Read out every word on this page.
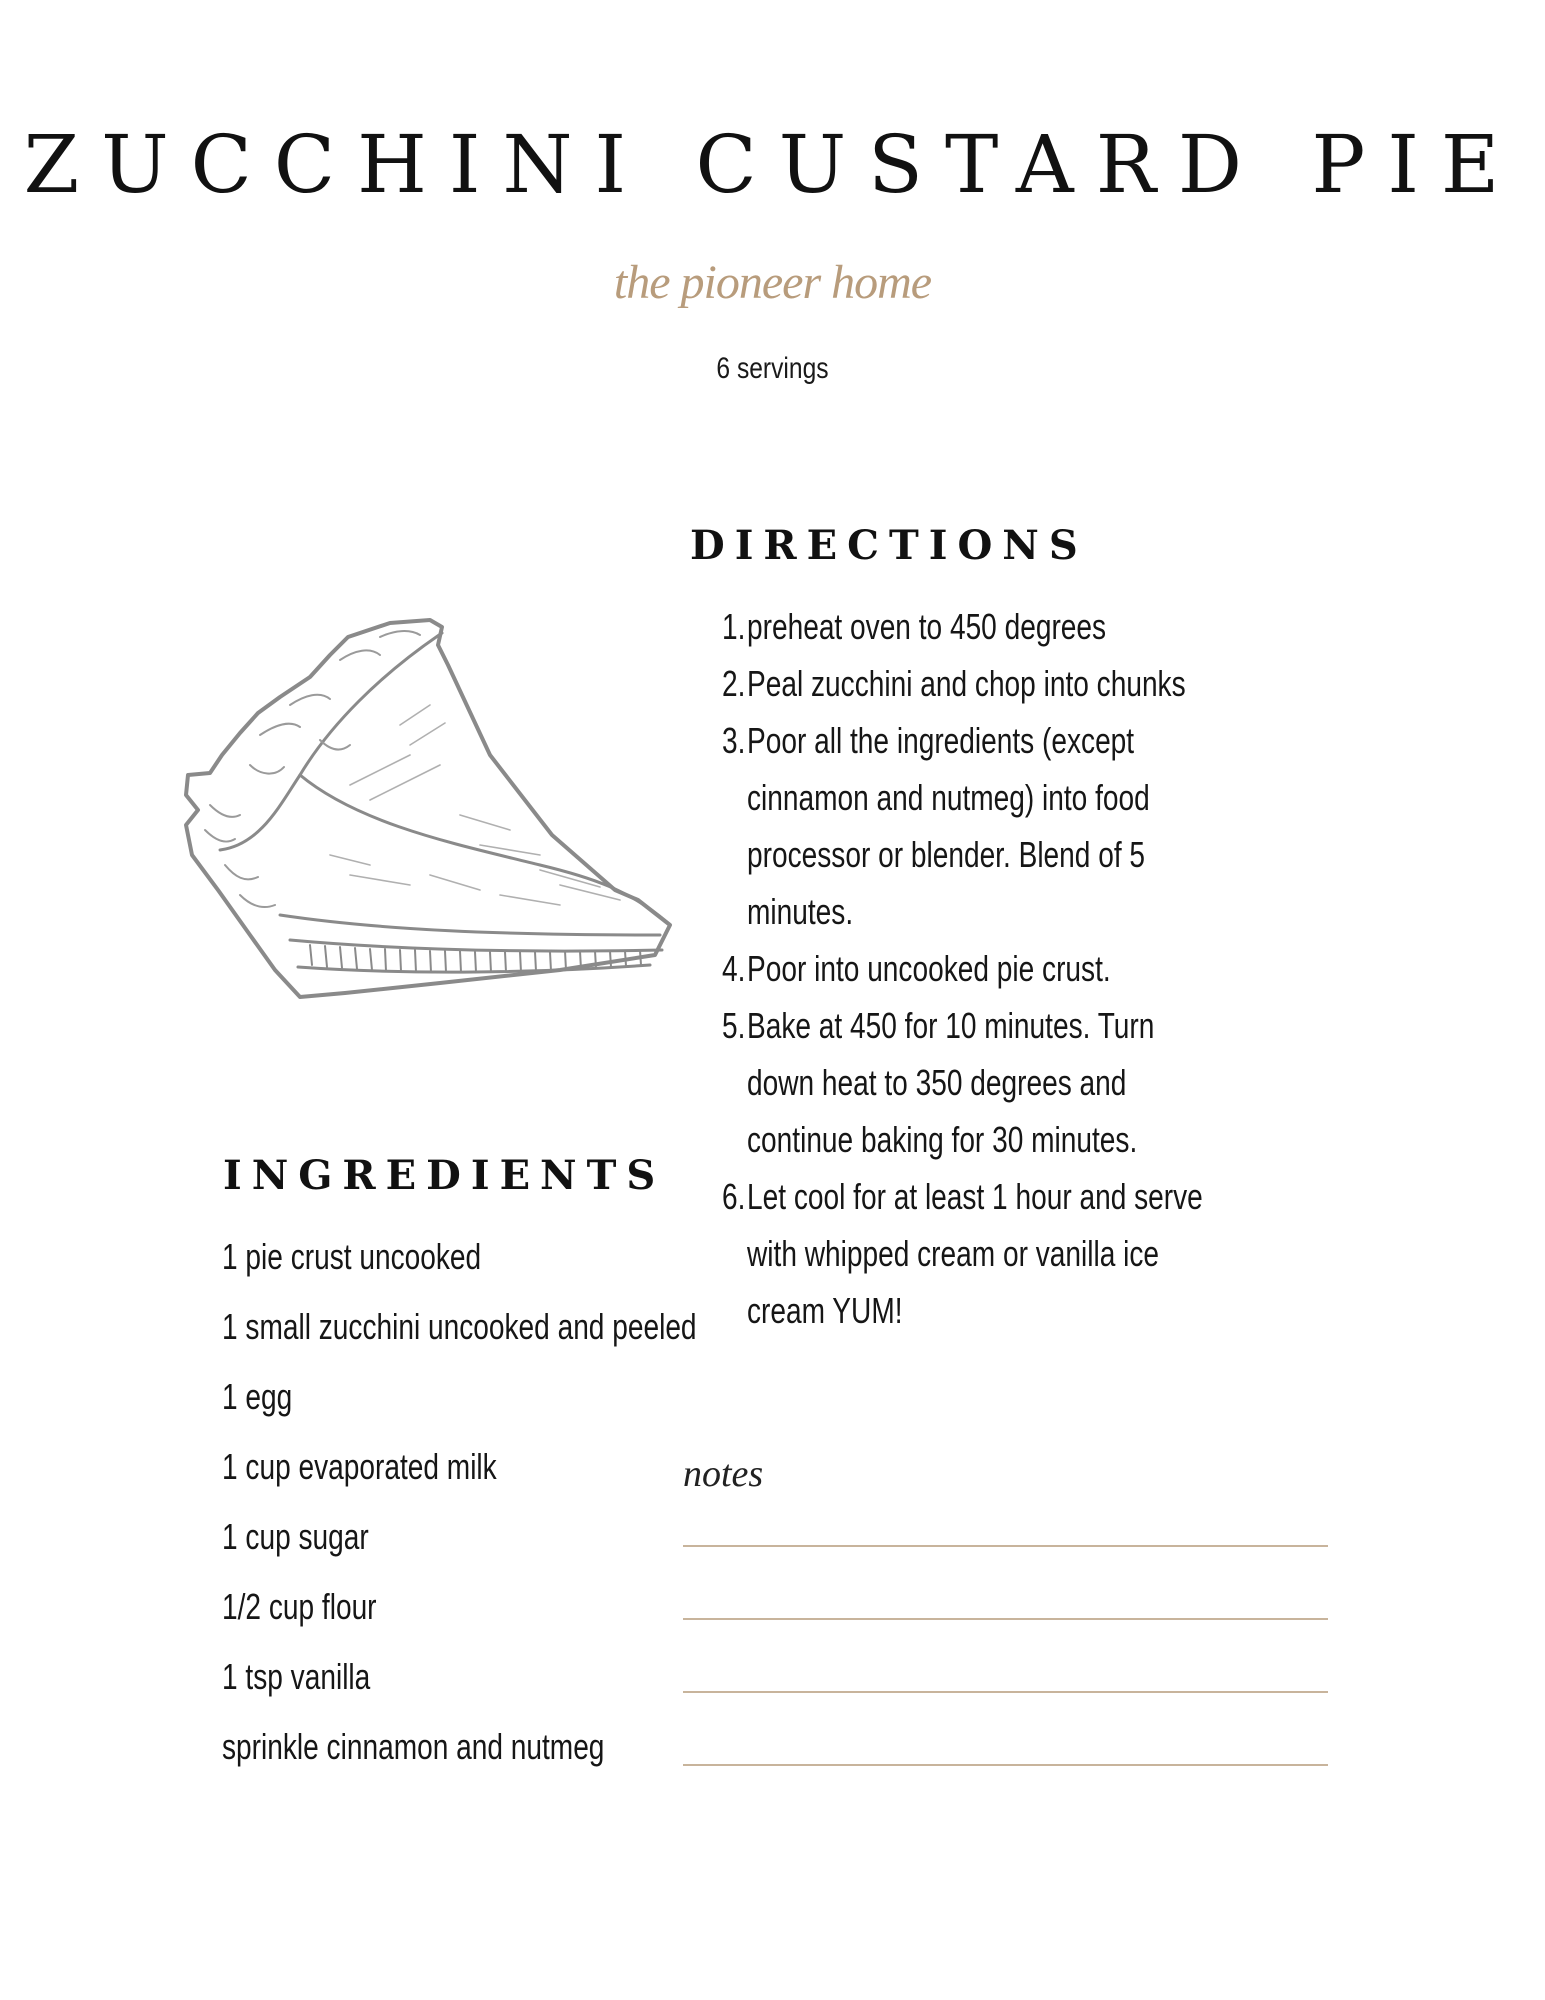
ZUCCHINI CUSTARD PIE
the pioneer home
6 servings
DIRECTIONS
1. preheat oven to 450 degrees
2. Peal zucchini and chop into chunks
3. Poor all the ingredients (except cinnamon and nutmeg) into food processor or blender. Blend of 5 minutes.
4. Poor into uncooked pie crust.
5. Bake at 450 for 10 minutes. Turn down heat to 350 degrees and continue baking for 30 minutes.
6. Let cool for at least 1 hour and serve with whipped cream or vanilla ice cream YUM!
INGREDIENTS
1 pie crust uncooked
1 small zucchini uncooked and peeled
1 egg
1 cup evaporated milk
1 cup sugar
1/2 cup flour
1 tsp vanilla
sprinkle cinnamon and nutmeg
notes
